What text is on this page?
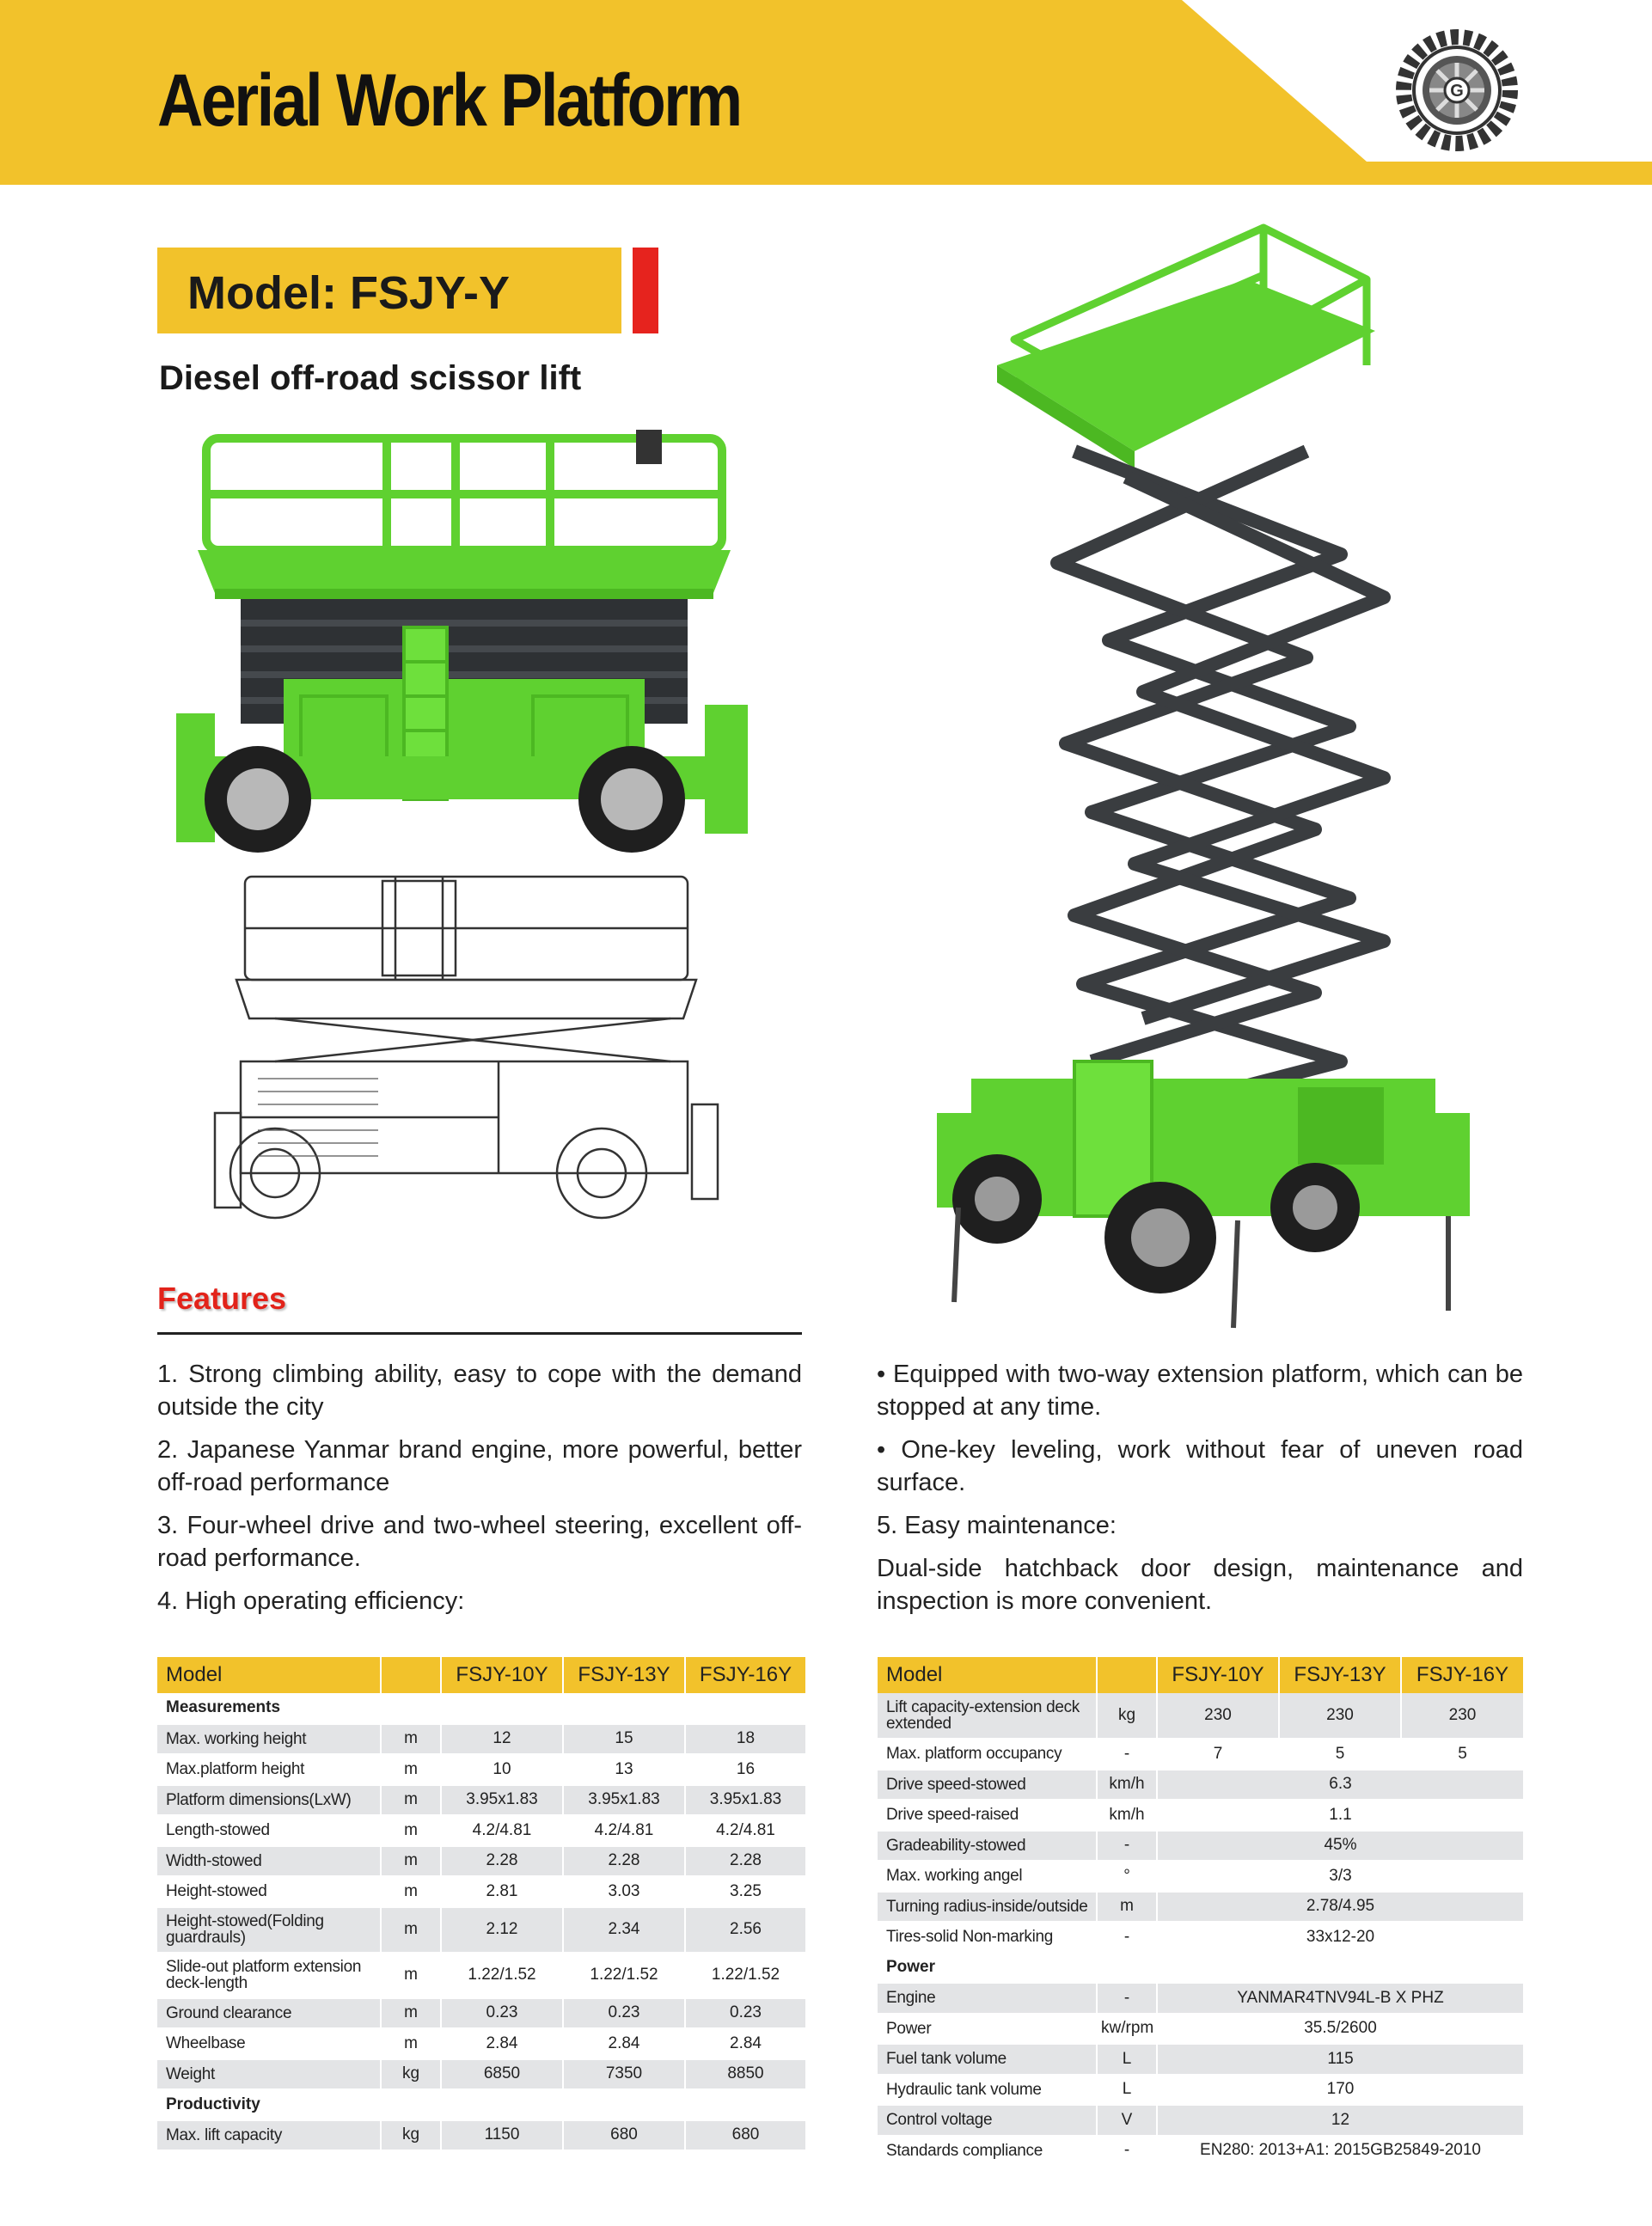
Aerial Work Platform	G
Model: FSJY-Y
Diesel off-road scissor lift
Features

1. Strong climbing ability, easy to cope with the demand outside the city

2. Japanese Yanmar brand engine, more powerful, better off-road performance

3. Four-wheel drive and two-wheel steering, excellent off-road performance.

4. High operating efficiency:

• Equipped with two-way extension platform, which can be stopped at any time.

• One-key leveling, work without fear of uneven road surface.

5. Easy maintenance:

Dual-side hatchback door design, maintenance and inspection is more convenient.

Model		FSJY-10Y	FSJY-13Y	FSJY-16Y
Measurements				
Max. working height	m	12	15	18
Max.platform height	m	10	13	16
Platform dimensions(LxW)	m	3.95x1.83	3.95x1.83	3.95x1.83
Length-stowed	m	4.2/4.81	4.2/4.81	4.2/4.81
Width-stowed	m	2.28	2.28	2.28
Height-stowed	m	2.81	3.03	3.25
Height-stowed(Folding guardrauls)	m	2.12	2.34	2.56
Slide-out platform extension deck-length	m	1.22/1.52	1.22/1.52	1.22/1.52
Ground clearance	m	0.23	0.23	0.23
Wheelbase	m	2.84	2.84	2.84
Weight	kg	6850	7350	8850
Productivity				
Max. lift capacity	kg	1150	680	680
Model		FSJY-10Y	FSJY-13Y	FSJY-16Y
Lift capacity-extension deck extended	kg	230	230	230
Max. platform occupancy	-	7	5	5
Drive speed-stowed	km/h	6.3		
Drive speed-raised	km/h	1.1		
Gradeability-stowed	-	45%		
Max. working angel	°	3/3		
Turning radius-inside/outside	m	2.78/4.95		
Tires-solid Non-marking	-	33x12-20		
Power				
Engine	-	YANMAR4TNV94L-B X PHZ		
Power	kw/rpm	35.5/2600		
Fuel tank volume	L	115		
Hydraulic tank volume	L	170		
Control voltage	V	12		
Standards compliance	-	EN280: 2013+A1: 2015GB25849-2010		
